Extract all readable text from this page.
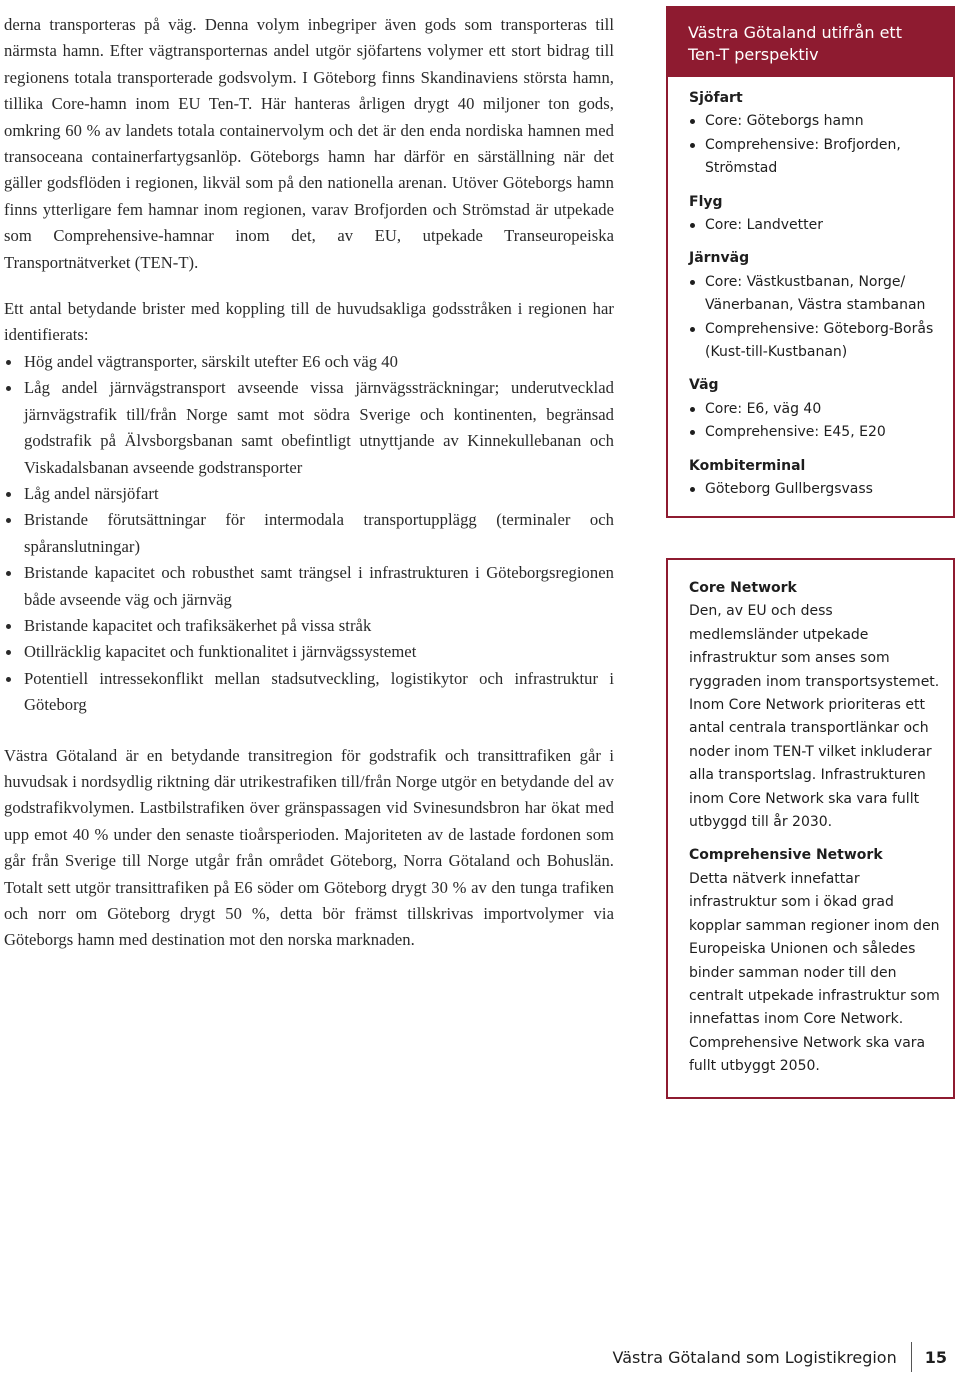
derna transporteras på väg. Denna volym inbegriper även gods som transporteras till närmsta hamn. Efter vägtransporternas andel utgör sjöfartens volymer ett stort bidrag till regionens totala transporterade godsvolym. I Göteborg finns Skandinaviens största hamn, tillika Core-hamn inom EU Ten-T. Här hanteras årligen drygt 40 miljoner ton gods, omkring 60 % av landets totala containervolym och det är den enda nordiska hamnen med transoceana containerfartygsanlöp. Göteborgs hamn har därför en särställning när det gäller godsflöden i regionen, likväl som på den nationella arenan. Utöver Göteborgs hamn finns ytterligare fem hamnar inom regionen, varav Brofjorden och Strömstad är utpekade som Comprehensive-hamnar inom det, av EU, utpekade Transeuropeiska Transportnätverket (TEN-T).

Ett antal betydande brister med koppling till de huvudsakliga godsstråken i regionen har identifierats:

Hög andel vägtransporter, särskilt utefter E6 och väg 40
Låg andel järnvägstransport avseende vissa järnvägssträckningar; underutvecklad järnvägstrafik till/från Norge samt mot södra Sverige och kontinenten, begränsad godstrafik på Älvsborgsbanan samt obefintligt utnyttjande av Kinnekullebanan och Viskadalsbanan avseende godstransporter
Låg andel närsjöfart
Bristande förutsättningar för intermodala transportupplägg (terminaler och spåranslutningar)
Bristande kapacitet och robusthet samt trängsel i infrastrukturen i Göteborgsregionen både avseende väg och järnväg
Bristande kapacitet och trafiksäkerhet på vissa stråk
Otillräcklig kapacitet och funktionalitet i järnvägssystemet
Potentiell intressekonflikt mellan stadsutveckling, logistikytor och infrastruktur i Göteborg

Västra Götaland är en betydande transitregion för godstrafik och transittrafiken går i huvudsak i nordsydlig riktning där utrikestrafiken till/från Norge utgör en betydande del av godstrafikvolymen. Lastbilstrafiken över gränspassagen vid Svinesundsbron har ökat med upp emot 40 % under den senaste tioårsperioden. Majoriteten av de lastade fordonen som går från Sverige till Norge utgår från området Göteborg, Norra Götaland och Bohuslän. Totalt sett utgör transittrafiken på E6 söder om Göteborg drygt 30 % av den tunga trafiken och norr om Göteborg drygt 50 %, detta bör främst tillskrivas importvolymer via Göteborgs hamn med destination mot den norska marknaden.

Västra Götaland utifrån ett Ten-T perspektiv
Sjöfart
Core: Göteborgs hamn
Comprehensive: Brofjorden, Strömstad
Flyg
Core: Landvetter
Järnväg
Core: Västkustbanan, Norge/ Vänerbanan, Västra stambanan
Comprehensive: Göteborg-Borås (Kust-till-Kustbanan)
Väg
Core: E6, väg 40
Comprehensive: E45, E20
Kombiterminal
Göteborg Gullbergsvass
Core Network
Den, av EU och dess medlemsländer utpekade infrastruktur som anses som ryggraden inom transportsystemet. Inom Core Network prioriteras ett antal centrala transportlänkar och noder inom TEN-T vilket inkluderar alla transportslag. Infrastrukturen inom Core Network ska vara fullt utbyggd till år 2030.
Comprehensive Network
Detta nätverk innefattar infrastruktur som i ökad grad kopplar samman regioner inom den Europeiska Unionen och således binder samman noder till den centralt utpekade infrastruktur som innefattas inom Core Network. Comprehensive Network ska vara fullt utbyggt 2050.
Västra Götaland som Logistikregion 15
